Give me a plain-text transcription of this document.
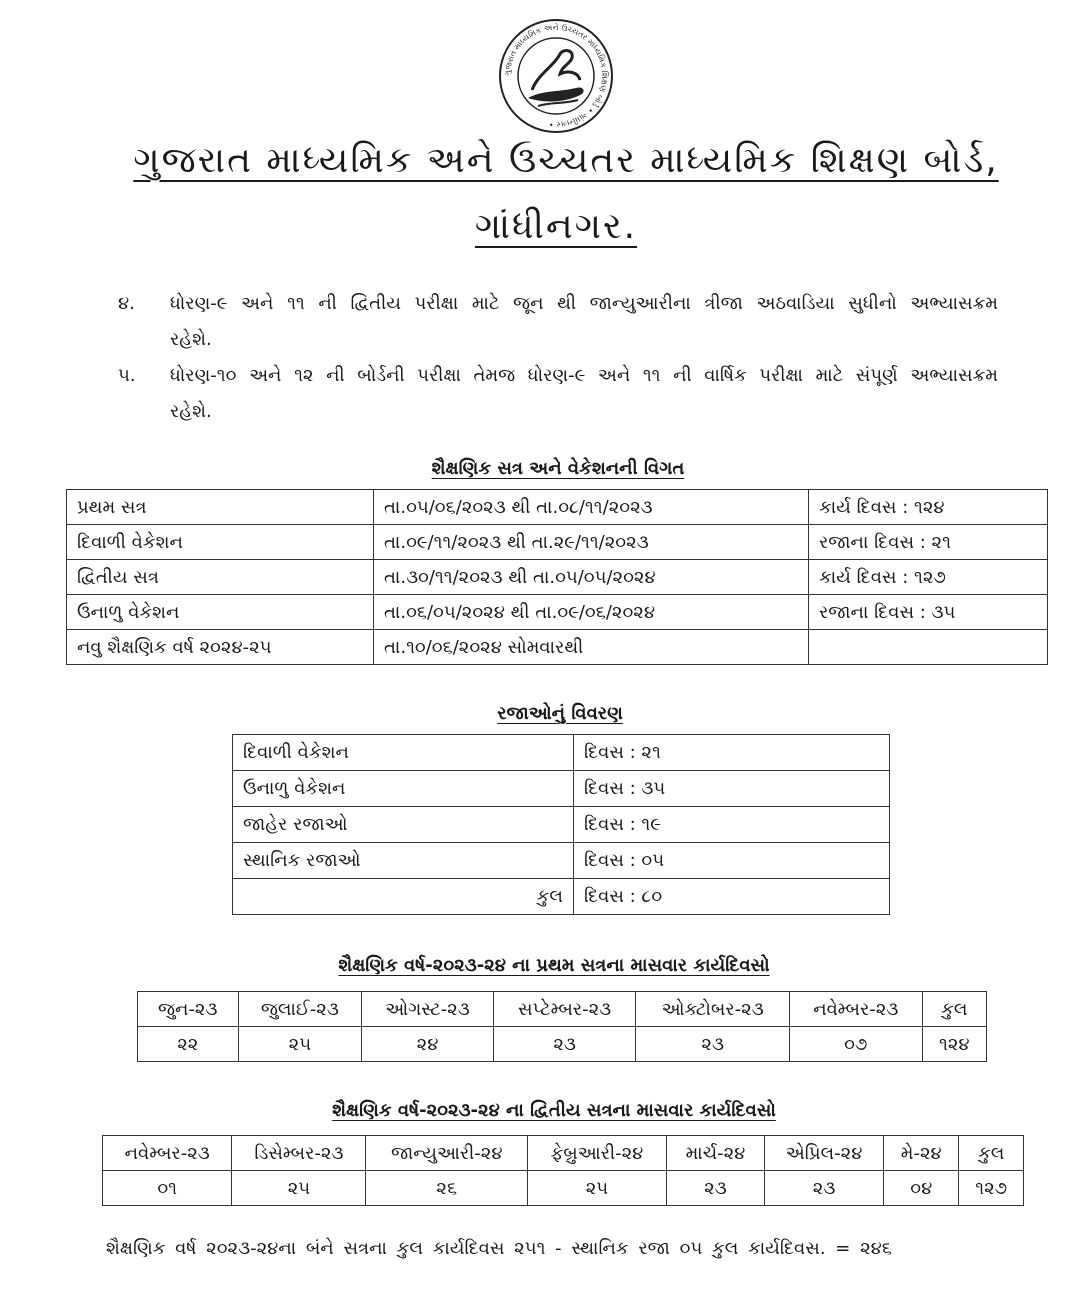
ગુજરાત માધ્યમિક અને ઉચ્ચતર માધ્યમિક શિક્ષણ બોર્ડ • ગાંધીનગર •
ગુજરાત માધ્યમિક અને ઉચ્ચતર માધ્યમિક શિક્ષણ બોર્ડ,
ગાંધીનગર.
૪. ધોરણ-૯ અને ૧૧ ની દ્વિતીય પરીક્ષા માટે જૂન થી જાન્યુઆરીના ત્રીજા અઠવાડિયા સુધીનો અભ્યાસક્રમ રહેશે.
૫. ધોરણ-૧૦ અને ૧૨ ની બોર્ડની પરીક્ષા તેમજ ધોરણ-૯ અને ૧૧ ની વાર્ષિક પરીક્ષા માટે સંપૂર્ણ અભ્યાસક્રમ રહેશે.
શૈક્ષણિક સત્ર અને વેકેશનની વિગત
પ્રથમ સત્ર	તા.૦૫/૦૬/૨૦૨૩ થી તા.૦૮/૧૧/૨૦૨૩	કાર્ય દિવસ : ૧૨૪
દિવાળી વેકેશન	તા.૦૯/૧૧/૨૦૨૩ થી તા.૨૯/૧૧/૨૦૨૩	રજાના દિવસ : ૨૧
દ્વિતીય સત્ર	તા.૩૦/૧૧/૨૦૨૩ થી તા.૦૫/૦૫/૨૦૨૪	કાર્ય દિવસ : ૧૨૭
ઉનાળુ વેકેશન	તા.૦૬/૦૫/૨૦૨૪ થી તા.૦૯/૦૬/૨૦૨૪	રજાના દિવસ : ૩૫
નવુ શૈક્ષણિક વર્ષ ૨૦૨૪-૨૫	તા.૧૦/૦૬/૨૦૨૪ સોમવારથી	
રજાઓનું વિવરણ
દિવાળી વેકેશન	દિવસ : ૨૧
ઉનાળુ વેકેશન	દિવસ : ૩૫
જાહેર રજાઓ	દિવસ : ૧૯
સ્થાનિક રજાઓ	દિવસ : ૦૫
કુલ	દિવસ : ૮૦
શૈક્ષણિક વર્ષ-૨૦૨૩-૨૪ ના પ્રથમ સત્રના માસવાર કાર્યદિવસો
જુન-૨૩	જુલાઈ-૨૩	ઓગસ્ટ-૨૩	સપ્ટેમ્બર-૨૩	ઓક્ટોબર-૨૩	નવેમ્બર-૨૩	કુલ
૨૨	૨૫	૨૪	૨૩	૨૩	૦૭	૧૨૪
શૈક્ષણિક વર્ષ-૨૦૨૩-૨૪ ના દ્વિતીય સત્રના માસવાર કાર્યદિવસો
નવેમ્બર-૨૩	ડિસેમ્બર-૨૩	જાન્યુઆરી-૨૪	ફેબ્રુઆરી-૨૪	માર્ચ-૨૪	એપ્રિલ-૨૪	મે-૨૪	કુલ
૦૧	૨૫	૨૬	૨૫	૨૩	૨૩	૦૪	૧૨૭
શૈક્ષણિક વર્ષ ૨૦૨૩-૨૪ના બંને સત્રના કુલ કાર્યદિવસ ૨૫૧ - સ્થાનિક રજા ૦૫ કુલ કાર્યદિવસ. = ૨૪૬
